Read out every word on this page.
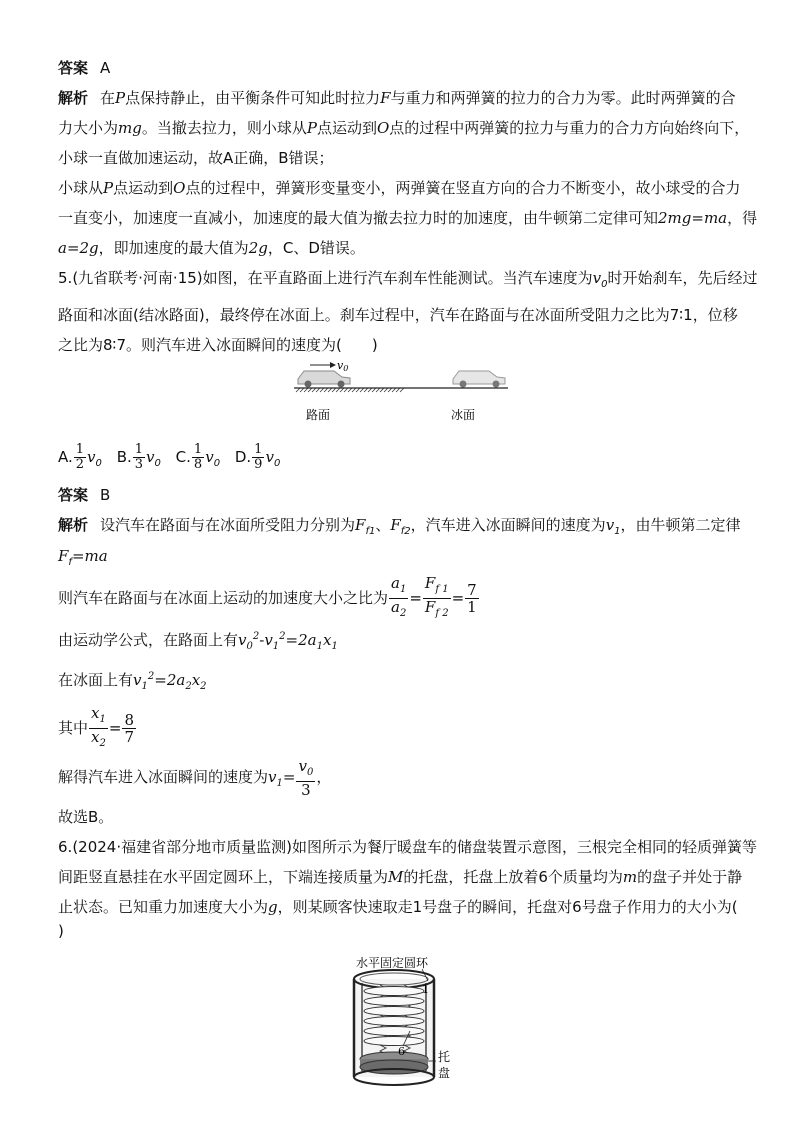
答案 A
解析 在P点保持静止，由平衡条件可知此时拉力F与重力和两弹簧的拉力的合力为零。此时两弹簧的合
力大小为mg。当撤去拉力，则小球从P点运动到O点的过程中两弹簧的拉力与重力的合力方向始终向下，
小球一直做加速运动，故A正确，B错误；
小球从P点运动到O点的过程中，弹簧形变量变小，两弹簧在竖直方向的合力不断变小，故小球受的合力
一直变小，加速度一直减小，加速度的最大值为撤去拉力时的加速度，由牛顿第二定律可知2mg=ma，得
a=2g，即加速度的最大值为2g，C、D错误。
5.(九省联考·河南·15)如图，在平直路面上进行汽车刹车性能测试。当汽车速度为$v_0$时开始刹车，先后经过
路面和冰面(结冰路面)，最终停在冰面上。刹车过程中，汽车在路面与在冰面所受阻力之比为7∶1，位移
之比为8∶7。则汽车进入冰面瞬间的速度为(　　)
v0
路面	冰面
A. $\frac{1}{2} v_0$ B. $\frac{1}{3} v_0$ C. $\frac{1}{8} v_0$ D. $\frac{1}{9} v_0$
答案 B
解析 设汽车在路面与在冰面所受阻力分别为$F_{f1}$、$F_{f2}$，汽车进入冰面瞬间的速度为$v_1$，由牛顿第二定律
$F_f=ma$
则汽车在路面与在冰面上运动的加速度大小之比为 $\frac{a_1}{a_2} = \frac{F_{f 1}}{F_{f 2}} = \frac{7}{1}$
由运动学公式，在路面上有$v_0^2-v_1^2=2a_1x_1$
在冰面上有$v_1^2=2a_2x_2$
其中 $\frac{x_1}{x_2} = \frac{8}{7}$
解得汽车进入冰面瞬间的速度为$v_1= \frac{v_0}{3}$ ，
故选B。
6.(2024·福建省部分地市质量监测)如图所示为餐厅暖盘车的储盘装置示意图，三根完全相同的轻质弹簧等
间距竖直悬挂在水平固定圆环上，下端连接质量为M的托盘，托盘上放着6个质量均为m的盘子并处于静
止状态。已知重力加速度大小为g，则某顾客快速取走1号盘子的瞬间，托盘对6号盘子作用力的大小为(
)
水平固定圆环
1
6	托
盘
